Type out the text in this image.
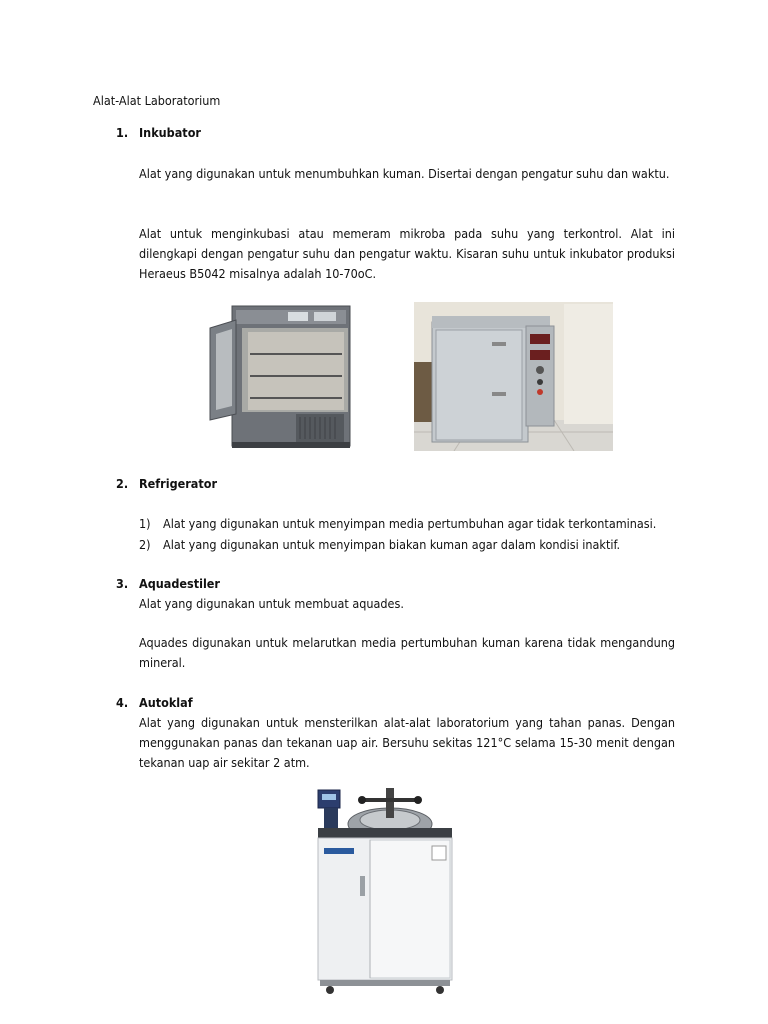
Alat-Alat Laboratorium
1. Inkubator
Alat yang digunakan untuk menumbuhkan kuman. Disertai dengan pengatur suhu dan waktu.
Alat untuk menginkubasi atau memeram mikroba pada suhu yang terkontrol. Alat ini dilengkapi dengan pengatur suhu dan pengatur waktu. Kisaran suhu untuk inkubator produksi Heraeus B5042 misalnya adalah 10-70oC.
2. Refrigerator
1) Alat yang digunakan untuk menyimpan media pertumbuhan agar tidak terkontaminasi.
2) Alat yang digunakan untuk menyimpan biakan kuman agar dalam kondisi inaktif.
3. Aquadestiler
Alat yang digunakan untuk membuat aquades.
Aquades digunakan untuk melarutkan media pertumbuhan kuman karena tidak mengandung mineral.
4. Autoklaf
Alat yang digunakan untuk mensterilkan alat-alat laboratorium yang tahan panas. Dengan menggunakan panas dan tekanan uap air. Bersuhu sekitas 121°C selama 15-30 menit dengan tekanan uap air sekitar 2 atm.
